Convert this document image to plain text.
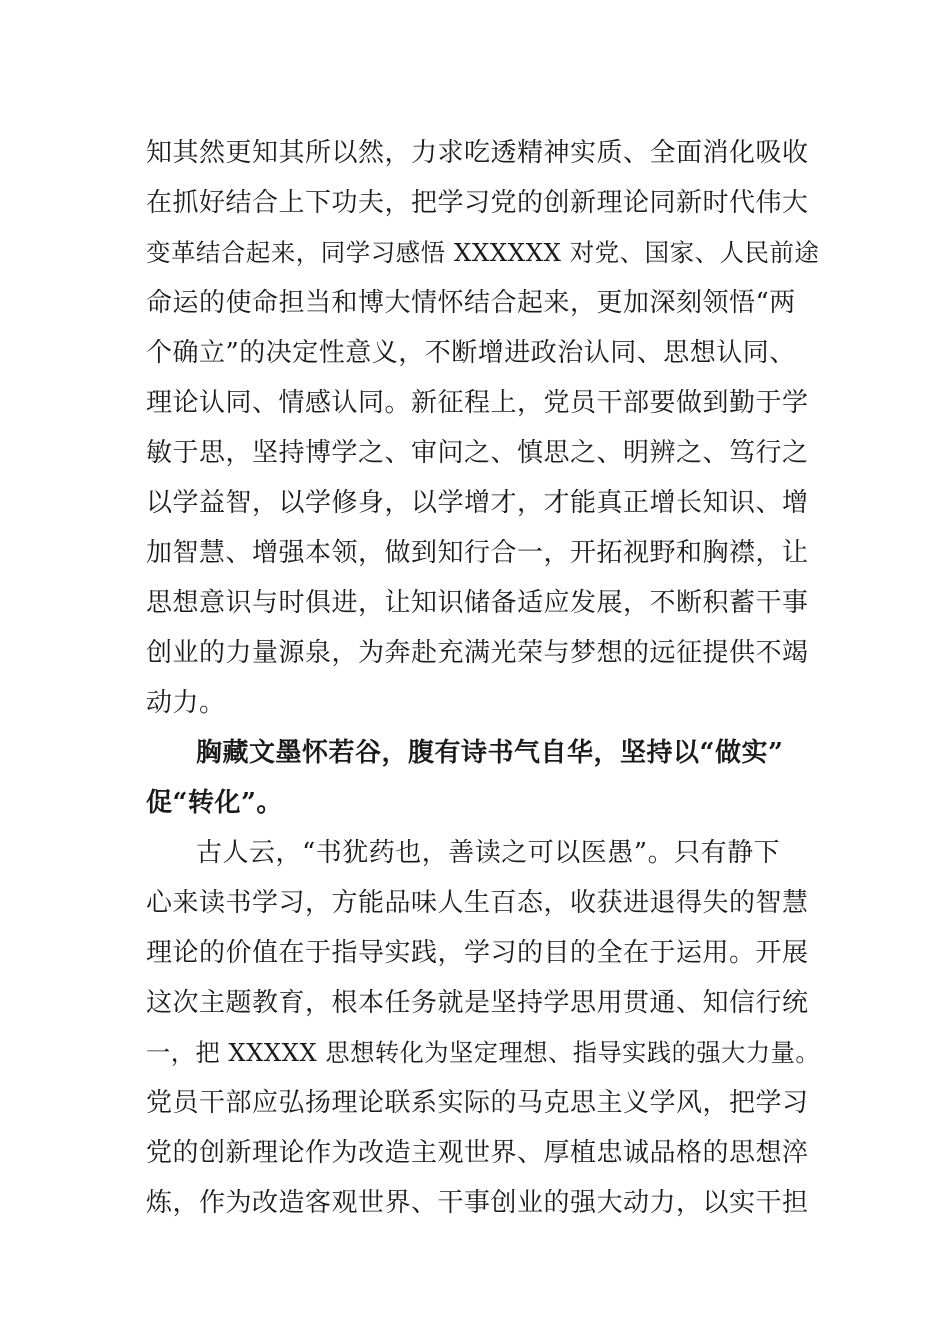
知其然更知其所以然，力求吃透精神实质、全面消化吸收
在抓好结合上下功夫，把学习党的创新理论同新时代伟大
变革结合起来，同学习感悟 XXXXXX 对党、国家、人民前途
命运的使命担当和博大情怀结合起来，更加深刻领悟“两
个确立”的决定性意义，不断增进政治认同、思想认同、
理论认同、情感认同。新征程上，党员干部要做到勤于学
敏于思，坚持博学之、审问之、慎思之、明辨之、笃行之
以学益智，以学修身，以学增才，才能真正增长知识、增
加智慧、增强本领，做到知行合一，开拓视野和胸襟，让
思想意识与时俱进，让知识储备适应发展，不断积蓄干事
创业的力量源泉，为奔赴充满光荣与梦想的远征提供不竭
动力。
胸藏文墨怀若谷，腹有诗书气自华，坚持以“做实”
促“转化”。
古人云，“书犹药也，善读之可以医愚”。只有静下
心来读书学习，方能品味人生百态，收获进退得失的智慧
理论的价值在于指导实践，学习的目的全在于运用。开展
这次主题教育，根本任务就是坚持学思用贯通、知信行统
一，把 XXXXX 思想转化为坚定理想、指导实践的强大力量。
党员干部应弘扬理论联系实际的马克思主义学风，把学习
党的创新理论作为改造主观世界、厚植忠诚品格的思想淬
炼，作为改造客观世界、干事创业的强大动力，以实干担
